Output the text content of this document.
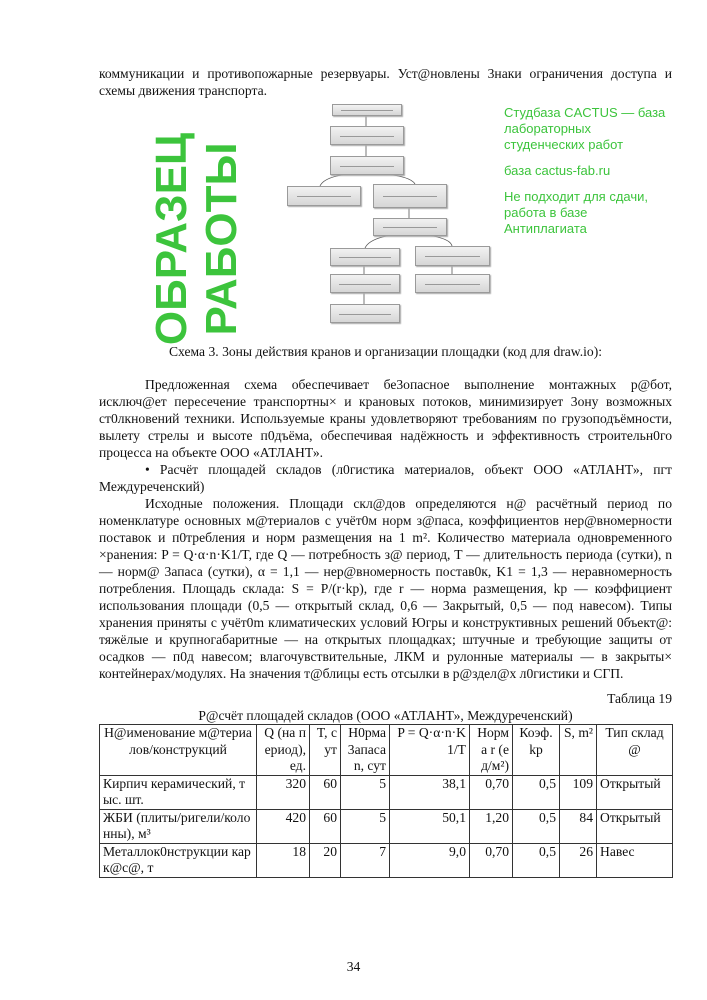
коммуникации и противопожарные резервуары. Уст@новлены 3наки ограничения доступа и схемы движения транспорта.

ОБРАЗЕЦ РАБОТЫ
Студбаза CACTUS — база лабораторных студенческих работ
база cactus-fab.ru
Не подходит для сдачи, работа в базе Антиплагиата
Схема 3. 3оны действия кранов и организации площадки (код для draw.io):

Предложенная схема обеспечивает бе3опасное выполнение монтажных р@бот, исключ@ет пересечение транспортны× и крановых потоков, минимизирует 3ону возможных ст0лкновений техники. Используемые краны удовлетворяют требованиям по грузоподъёмности, вылету стрелы и высоте п0дъёма, обеспечивая надёжность и эффективность строительн0го процесса на объекте ООО «АТЛАНТ».

• Расчёт площадей складов (л0гистика материалов, объект ООО «АТЛАНТ», пгт Междуреченский)

Исходные положения. Площади скл@дов определяются н@ расчётный период по номенклатуре основных м@териалов с учёт0м норм з@паса, коэффициентов нер@вномерности поставок и п0требления и норм размещения на 1 m². Количество материала одновременного ×ранения: P = Q·α·n·K1/T, где Q — потребность з@ период, T — длительность периода (сутки), n — норм@ 3апаса (сутки), α = 1,1 — нер@вномерность постав0к, K1 = 1,3 — неравномерность потребления. Площадь склада: S = P/(r·kp), где r — норма размещения, kp — коэффициент использования площади (0,5 — открытый склад, 0,6 — 3акрытый, 0,5 — под навесом). Типы хранения приняты с учёт0m климатических условий Югры и конструктивных решений 0бъект@: тяжёлые и крупногабаритные — на открытых площадках; штучные и требующие защиты от осадков — п0д навесом; влагочувствительные, ЛКМ и рулонные материалы — в закрыты× контейнерах/модулях. На значения т@блицы есть отсылки в р@здел@х л0гистики и СГП.

Таблица 19
Р@счёт площадей складов (ООО «АТЛАНТ», Междуреченский)
Н@именование м@териалов/конструкций	Q (на период), ед.	T, сут	Н0рма 3апаса n, сут	P = Q·α·n·K1/T	Норма r (ед/м²)	Коэф. kp	S, m²	Тип склад@
Кирпич керамический, тыс. шт.	320	60	5	38,1	0,70	0,5	109	Открытый
ЖБИ (плиты/ригели/колонны), м³	420	60	5	50,1	1,20	0,5	84	Открытый
Металлок0нструкции карк@с@, т	18	20	7	9,0	0,70	0,5	26	Навес
34
